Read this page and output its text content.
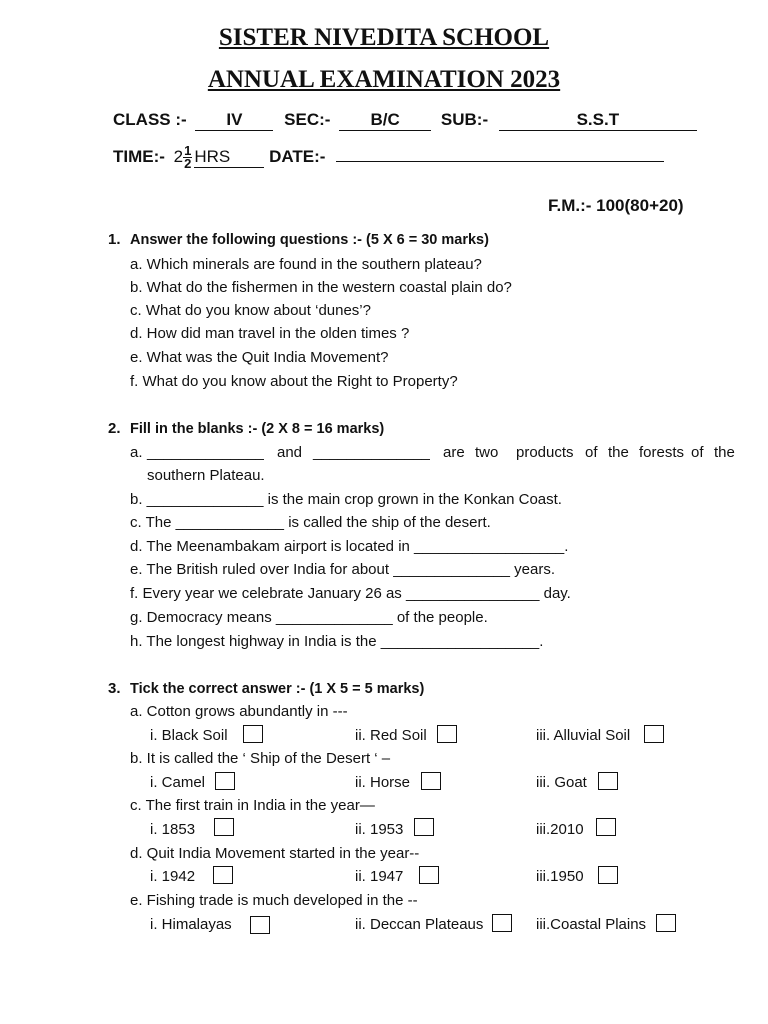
SISTER NIVEDITA SCHOOL
ANNUAL EXAMINATION 2023
CLASS :- IV SEC:- B/C SUB:-	S.S.T
TIME:- $2 \frac{1}{2}$ HRS DATE:-
F.M.:- 100(80+20)
1. Answer the following questions :- (5 X 6 = 30 marks)
a. Which minerals are found in the southern plateau?
b. What do the fishermen in the western coastal plain do?
c. What do you know about ‘dunes’?
d. How did man travel in the olden times ?
e. What was the Quit India Movement?
f. What do you know about the Right to Property?
2. Fill in the blanks :- (2 X 8 = 16 marks)
a. ______________ and ______________ are two products of the forests of the
southern Plateau.
b. ______________ is the main crop grown in the Konkan Coast.
c. The _____________ is called the ship of the desert.
d. The Meenambakam airport is located in __________________.
e. The British ruled over India for about ______________ years.
f. Every year we celebrate January 26 as ________________ day.
g. Democracy means ______________ of the people.
h. The longest highway in India is the ___________________.
3. Tick the correct answer :- (1 X 5 = 5 marks)
a. Cotton grows abundantly in ---
i. Black Soil	ii. Red Soil	iii. Alluvial Soil
b. It is called the ‘ Ship of the Desert ‘ –
i. Camel	ii. Horse	iii. Goat
c. The first train in India in the year—
i. 1853	ii. 1953	iii.2010
d. Quit India Movement started in the year--
i. 1942	ii. 1947	iii.1950
e. Fishing trade is much developed in the --
i. Himalayas	ii. Deccan Plateaus	iii.Coastal Plains
